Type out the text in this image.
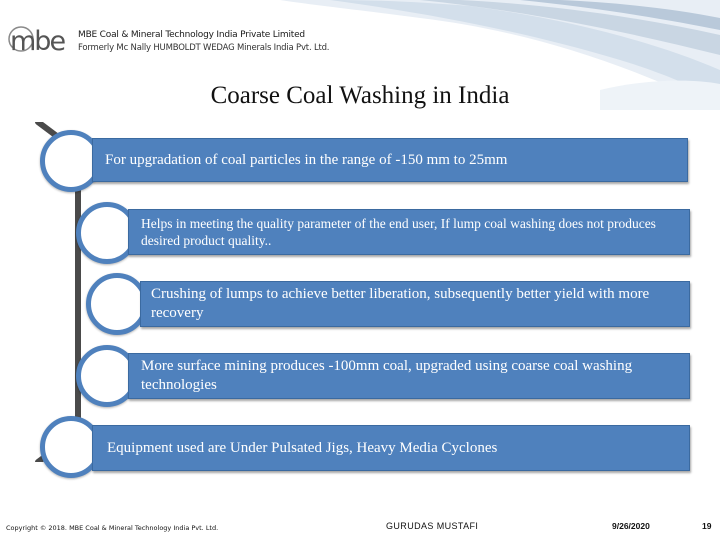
mbe MBE Coal & Mineral Technology India Private Limited
Formerly Mc Nally HUMBOLDT WEDAG Minerals India Pvt. Ltd.
Coarse Coal Washing in India
For upgradation of coal particles in the range of -150 mm to 25mm
Helps in meeting the quality parameter of the end user, If lump coal washing does not produces desired product quality..
Crushing of lumps to achieve better liberation, subsequently better yield with more recovery
More surface mining produces -100mm coal, upgraded using coarse coal washing technologies
Equipment used are Under Pulsated Jigs, Heavy Media Cyclones
Copyright © 2018. MBE Coal & Mineral Technology India Pvt. Ltd.	GURUDAS MUSTAFI	9/26/2020	19
